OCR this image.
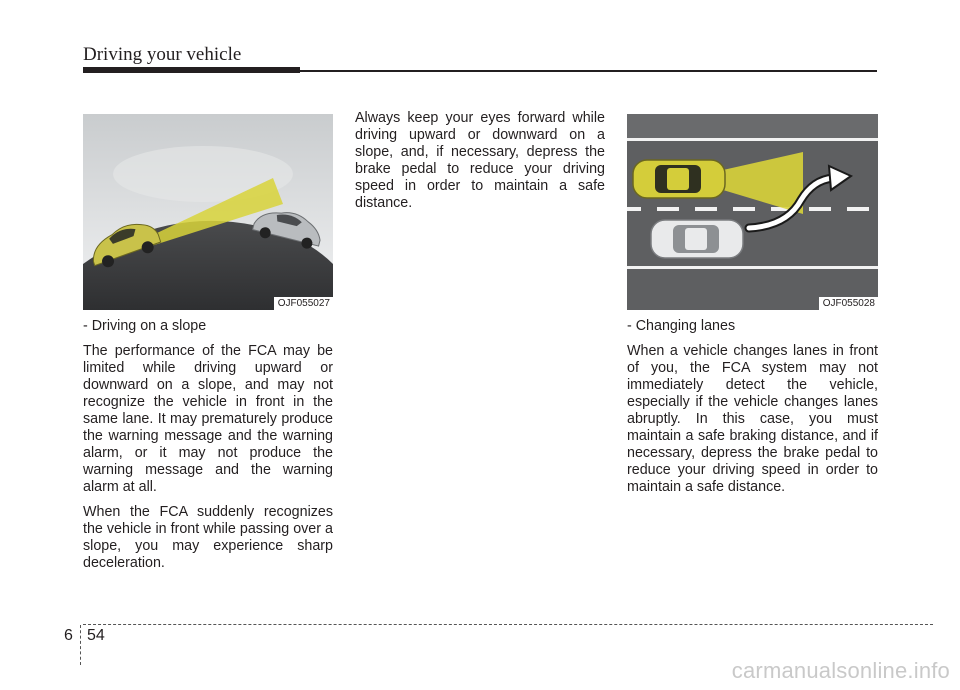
Driving your vehicle
OJF055027	OJF055028

- Driving on a slope

The performance of the FCA may be limited while driving upward or downward on a slope, and may not recognize the vehicle in front in the same lane. It may prematurely produce the warning message and the warning alarm, or it may not produce the warning message and the warning alarm at all.

When the FCA suddenly recognizes the vehicle in front while passing over a slope, you may experience sharp deceleration.

Always keep your eyes forward while driving upward or downward on a slope, and, if necessary, depress the brake pedal to reduce your driving speed in order to maintain a safe distance.

- Changing lanes

When a vehicle changes lanes in front of you, the FCA system may not immediately detect the vehicle, especially if the vehicle changes lanes abruptly. In this case, you must maintain a safe braking distance, and if necessary, depress the brake pedal to reduce your driving speed in order to maintain a safe distance.

6 54
carmanualsonline.info
